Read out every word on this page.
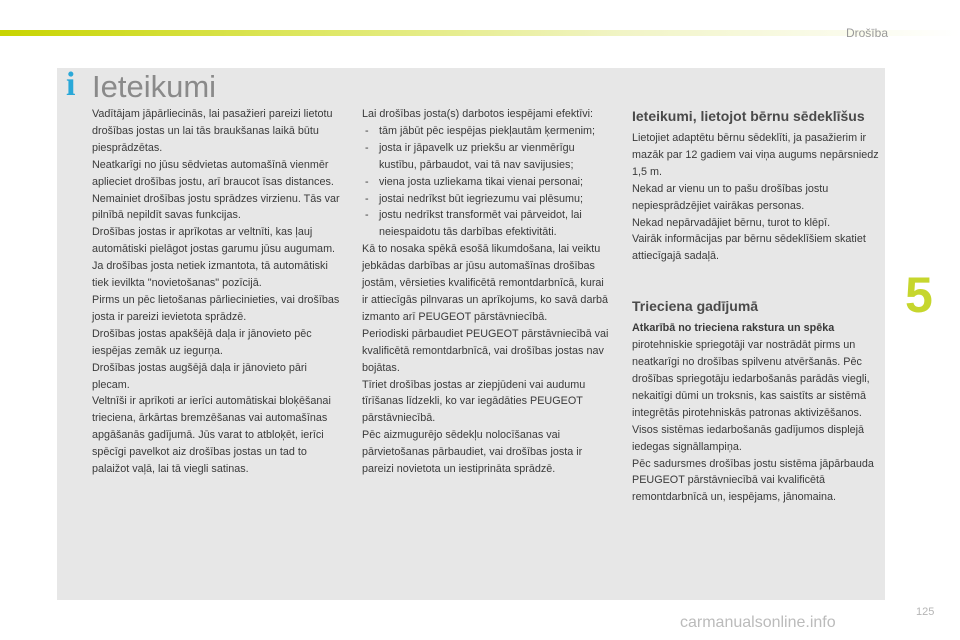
Drošība
i Ieteikumi

Vadītājam jāpārliecinās, lai pasažieri pareizi lietotu drošības jostas un lai tās braukšanas laikā būtu piesprādzētas.
Neatkarīgi no jūsu sēdvietas automašīnā vienmēr aplieciet drošības jostu, arī braucot īsas distances.
Nemainiet drošības jostu sprādzes virzienu. Tās var pilnībā nepildīt savas funkcijas.
Drošības jostas ir aprīkotas ar veltnīti, kas ļauj automātiski pielāgot jostas garumu jūsu augumam. Ja drošības josta netiek izmantota, tā automātiski tiek ievilkta "novietošanas" pozīcijā.
Pirms un pēc lietošanas pārliecinieties, vai drošības josta ir pareizi ievietota sprādzē.
Drošības jostas apakšējā daļa ir jānovieto pēc iespējas zemāk uz iegurņa.
Drošības jostas augšējā daļa ir jānovieto pāri plecam.
Veltnīši ir aprīkoti ar ierīci automātiskai bloķēšanai trieciena, ārkārtas bremzēšanas vai automašīnas apgāšanās gadījumā. Jūs varat to atbloķēt, ierīci spēcīgi pavelkot aiz drošības jostas un tad to palaižot vaļā, lai tā viegli satinas.

Lai drošības josta(s) darbotos iespējami efektīvi:

- tām jābūt pēc iespējas piekļautām ķermenim;
- josta ir jāpavelk uz priekšu ar vienmērīgu kustību, pārbaudot, vai tā nav savijusies;
- viena josta uzliekama tikai vienai personai;
- jostai nedrīkst būt iegriezumu vai plēsumu;
- jostu nedrīkst transformēt vai pārveidot, lai neiespaidotu tās darbības efektivitāti.

Kā to nosaka spēkā esošā likumdošana, lai veiktu jebkādas darbības ar jūsu automašīnas drošības jostām, vērsieties kvalificētā remontdarbnīcā, kurai ir attiecīgās pilnvaras un aprīkojums, ko savā darbā izmanto arī PEUGEOT pārstāvniecībā.
Periodiski pārbaudiet PEUGEOT pārstāvniecībā vai kvalificētā remontdarbnīcā, vai drošības jostas nav bojātas.
Tīriet drošības jostas ar ziepjūdeni vai audumu tīrīšanas līdzekli, ko var iegādāties PEUGEOT pārstāvniecībā.
Pēc aizmugurējo sēdekļu nolocīšanas vai pārvietošanas pārbaudiet, vai drošības josta ir pareizi novietota un iestiprināta sprādzē.

Ieteikumi, lietojot bērnu sēdeklīšus

Lietojiet adaptētu bērnu sēdeklīti, ja pasažierim ir mazāk par 12 gadiem vai viņa augums nepārsniedz 1,5 m.
Nekad ar vienu un to pašu drošības jostu nepiesprādzējiet vairākas personas.
Nekad nepārvadājiet bērnu, turot to klēpī.
Vairāk informācijas par bērnu sēdeklīšiem skatiet attiecīgajā sadaļā.

Trieciena gadījumā

Atkarībā no trieciena rakstura un spēka

pirotehniskie spriegotāji var nostrādāt pirms un neatkarīgi no drošības spilvenu atvēršanās. Pēc drošības spriegotāju iedarbošanās parādās viegli, nekaitīgi dūmi un troksnis, kas saistīts ar sistēmā integrētās pirotehniskās patronas aktivizēšanos.
Visos sistēmas iedarbošanās gadījumos displejā iedegas signāllampiņa.
Pēc sadursmes drošības jostu sistēma jāpārbauda PEUGEOT pārstāvniecībā vai kvalificētā remontdarbnīcā un, iespējams, jānomaina.

5
125
carmanualsonline.info
